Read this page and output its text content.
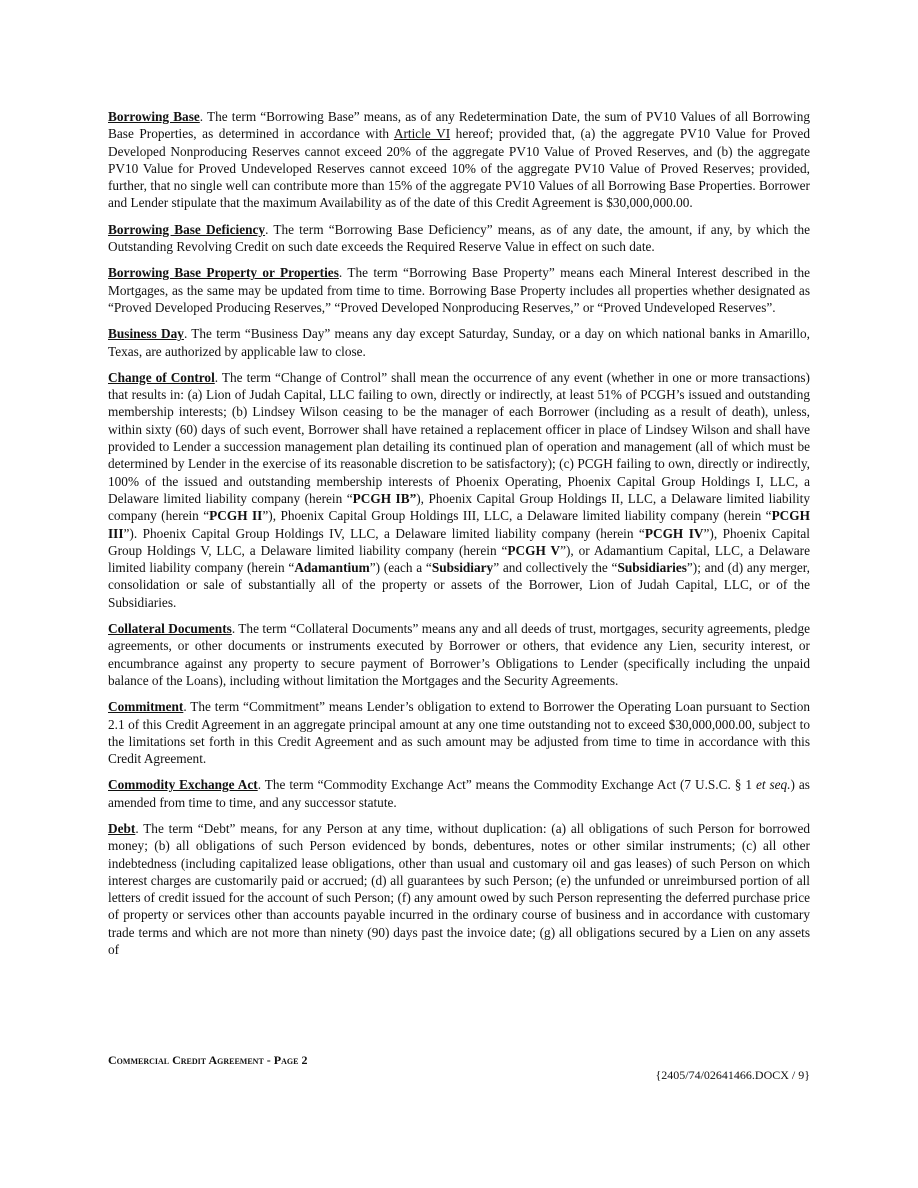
Borrowing Base. The term “Borrowing Base” means, as of any Redetermination Date, the sum of PV10 Values of all Borrowing Base Properties, as determined in accordance with Article VI hereof; provided that, (a) the aggregate PV10 Value for Proved Developed Nonproducing Reserves cannot exceed 20% of the aggregate PV10 Value of Proved Reserves, and (b) the aggregate PV10 Value for Proved Undeveloped Reserves cannot exceed 10% of the aggregate PV10 Value of Proved Reserves; provided, further, that no single well can contribute more than 15% of the aggregate PV10 Values of all Borrowing Base Properties. Borrower and Lender stipulate that the maximum Availability as of the date of this Credit Agreement is $30,000,000.00.

Borrowing Base Deficiency. The term “Borrowing Base Deficiency” means, as of any date, the amount, if any, by which the Outstanding Revolving Credit on such date exceeds the Required Reserve Value in effect on such date.

Borrowing Base Property or Properties. The term “Borrowing Base Property” means each Mineral Interest described in the Mortgages, as the same may be updated from time to time. Borrowing Base Property includes all properties whether designated as “Proved Developed Producing Reserves,” “Proved Developed Nonproducing Reserves,” or “Proved Undeveloped Reserves”.

Business Day. The term “Business Day” means any day except Saturday, Sunday, or a day on which national banks in Amarillo, Texas, are authorized by applicable law to close.

Change of Control. The term “Change of Control” shall mean the occurrence of any event (whether in one or more transactions) that results in: (a) Lion of Judah Capital, LLC failing to own, directly or indirectly, at least 51% of PCGH’s issued and outstanding membership interests; (b) Lindsey Wilson ceasing to be the manager of each Borrower (including as a result of death), unless, within sixty (60) days of such event, Borrower shall have retained a replacement officer in place of Lindsey Wilson and shall have provided to Lender a succession management plan detailing its continued plan of operation and management (all of which must be determined by Lender in the exercise of its reasonable discretion to be satisfactory); (c) PCGH failing to own, directly or indirectly, 100% of the issued and outstanding membership interests of Phoenix Operating, Phoenix Capital Group Holdings I, LLC, a Delaware limited liability company (herein “PCGH IB”), Phoenix Capital Group Holdings II, LLC, a Delaware limited liability company (herein “PCGH II”), Phoenix Capital Group Holdings III, LLC, a Delaware limited liability company (herein “PCGH III”). Phoenix Capital Group Holdings IV, LLC, a Delaware limited liability company (herein “PCGH IV”), Phoenix Capital Group Holdings V, LLC, a Delaware limited liability company (herein “PCGH V”), or Adamantium Capital, LLC, a Delaware limited liability company (herein “Adamantium”) (each a “Subsidiary” and collectively the “Subsidiaries”); and (d) any merger, consolidation or sale of substantially all of the property or assets of the Borrower, Lion of Judah Capital, LLC, or of the Subsidiaries.

Collateral Documents. The term “Collateral Documents” means any and all deeds of trust, mortgages, security agreements, pledge agreements, or other documents or instruments executed by Borrower or others, that evidence any Lien, security interest, or encumbrance against any property to secure payment of Borrower’s Obligations to Lender (specifically including the unpaid balance of the Loans), including without limitation the Mortgages and the Security Agreements.

Commitment. The term “Commitment” means Lender’s obligation to extend to Borrower the Operating Loan pursuant to Section 2.1 of this Credit Agreement in an aggregate principal amount at any one time outstanding not to exceed $30,000,000.00, subject to the limitations set forth in this Credit Agreement and as such amount may be adjusted from time to time in accordance with this Credit Agreement.

Commodity Exchange Act. The term “Commodity Exchange Act” means the Commodity Exchange Act (7 U.S.C. § 1 et seq.) as amended from time to time, and any successor statute.

Debt. The term “Debt” means, for any Person at any time, without duplication: (a) all obligations of such Person for borrowed money; (b) all obligations of such Person evidenced by bonds, debentures, notes or other similar instruments; (c) all other indebtedness (including capitalized lease obligations, other than usual and customary oil and gas leases) of such Person on which interest charges are customarily paid or accrued; (d) all guarantees by such Person; (e) the unfunded or unreimbursed portion of all letters of credit issued for the account of such Person; (f) any amount owed by such Person representing the deferred purchase price of property or services other than accounts payable incurred in the ordinary course of business and in accordance with customary trade terms and which are not more than ninety (90) days past the invoice date; (g) all obligations secured by a Lien on any assets of

Commercial Credit Agreement - Page 2
{2405/74/02641466.DOCX / 9}
